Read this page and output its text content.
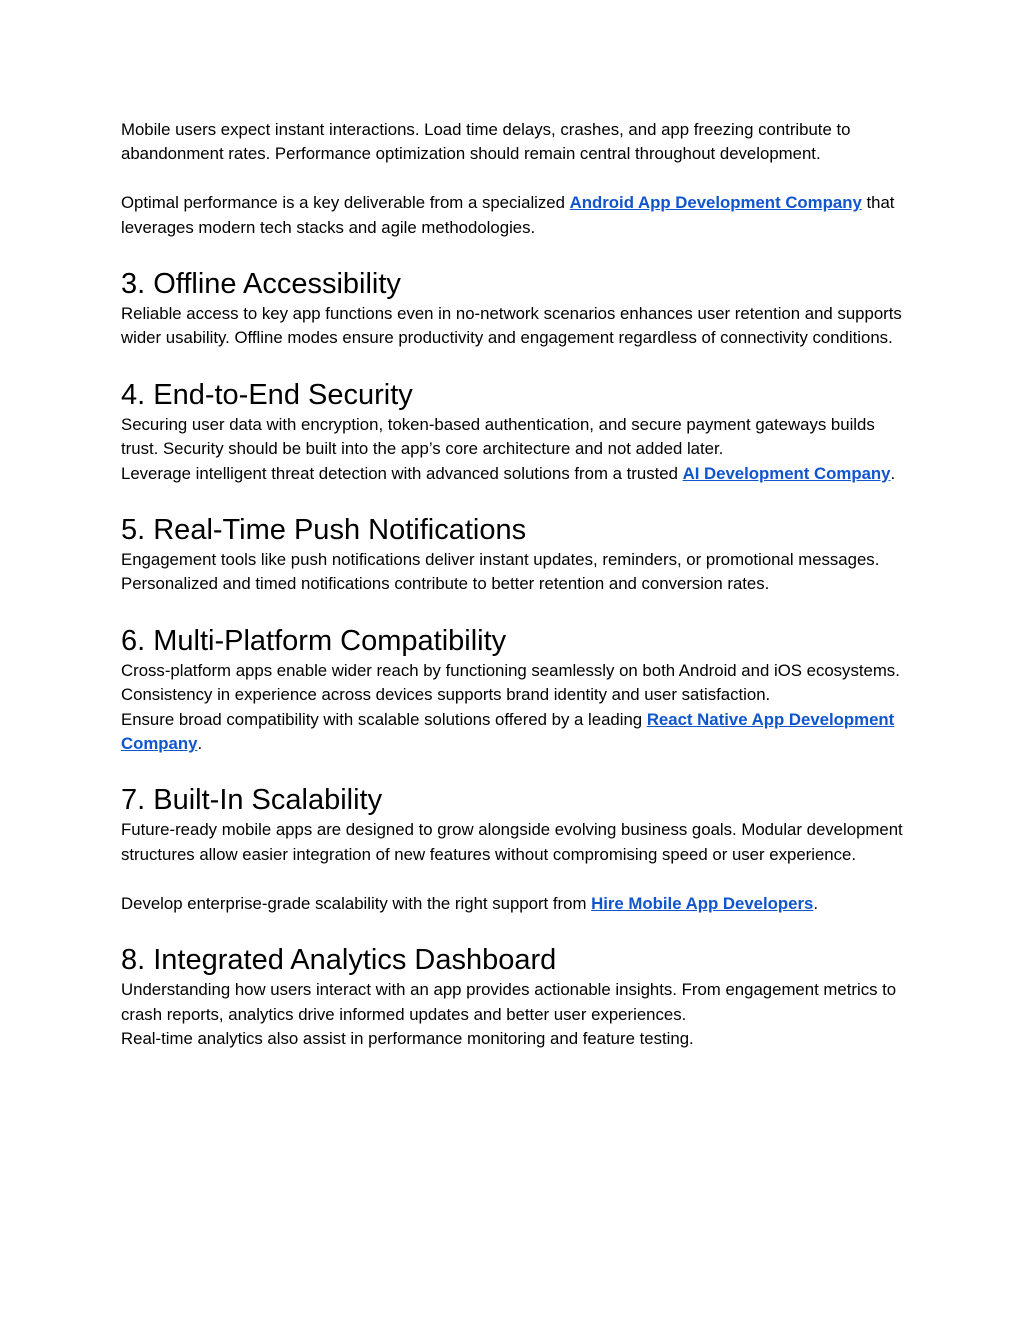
Mobile users expect instant interactions. Load time delays, crashes, and app freezing contribute to abandonment rates. Performance optimization should remain central throughout development.

Optimal performance is a key deliverable from a specialized Android App Development Company that leverages modern tech stacks and agile methodologies.

3. Offline Accessibility

Reliable access to key app functions even in no-network scenarios enhances user retention and supports wider usability. Offline modes ensure productivity and engagement regardless of connectivity conditions.

4. End-to-End Security

Securing user data with encryption, token-based authentication, and secure payment gateways builds trust. Security should be built into the app’s core architecture and not added later.

Leverage intelligent threat detection with advanced solutions from a trusted AI Development Company.

5. Real-Time Push Notifications

Engagement tools like push notifications deliver instant updates, reminders, or promotional messages. Personalized and timed notifications contribute to better retention and conversion rates.

6. Multi-Platform Compatibility

Cross-platform apps enable wider reach by functioning seamlessly on both Android and iOS ecosystems. Consistency in experience across devices supports brand identity and user satisfaction.

Ensure broad compatibility with scalable solutions offered by a leading React Native App Development Company.

7. Built-In Scalability

Future-ready mobile apps are designed to grow alongside evolving business goals. Modular development structures allow easier integration of new features without compromising speed or user experience.

Develop enterprise-grade scalability with the right support from Hire Mobile App Developers.

8. Integrated Analytics Dashboard

Understanding how users interact with an app provides actionable insights. From engagement metrics to crash reports, analytics drive informed updates and better user experiences.

Real-time analytics also assist in performance monitoring and feature testing.
